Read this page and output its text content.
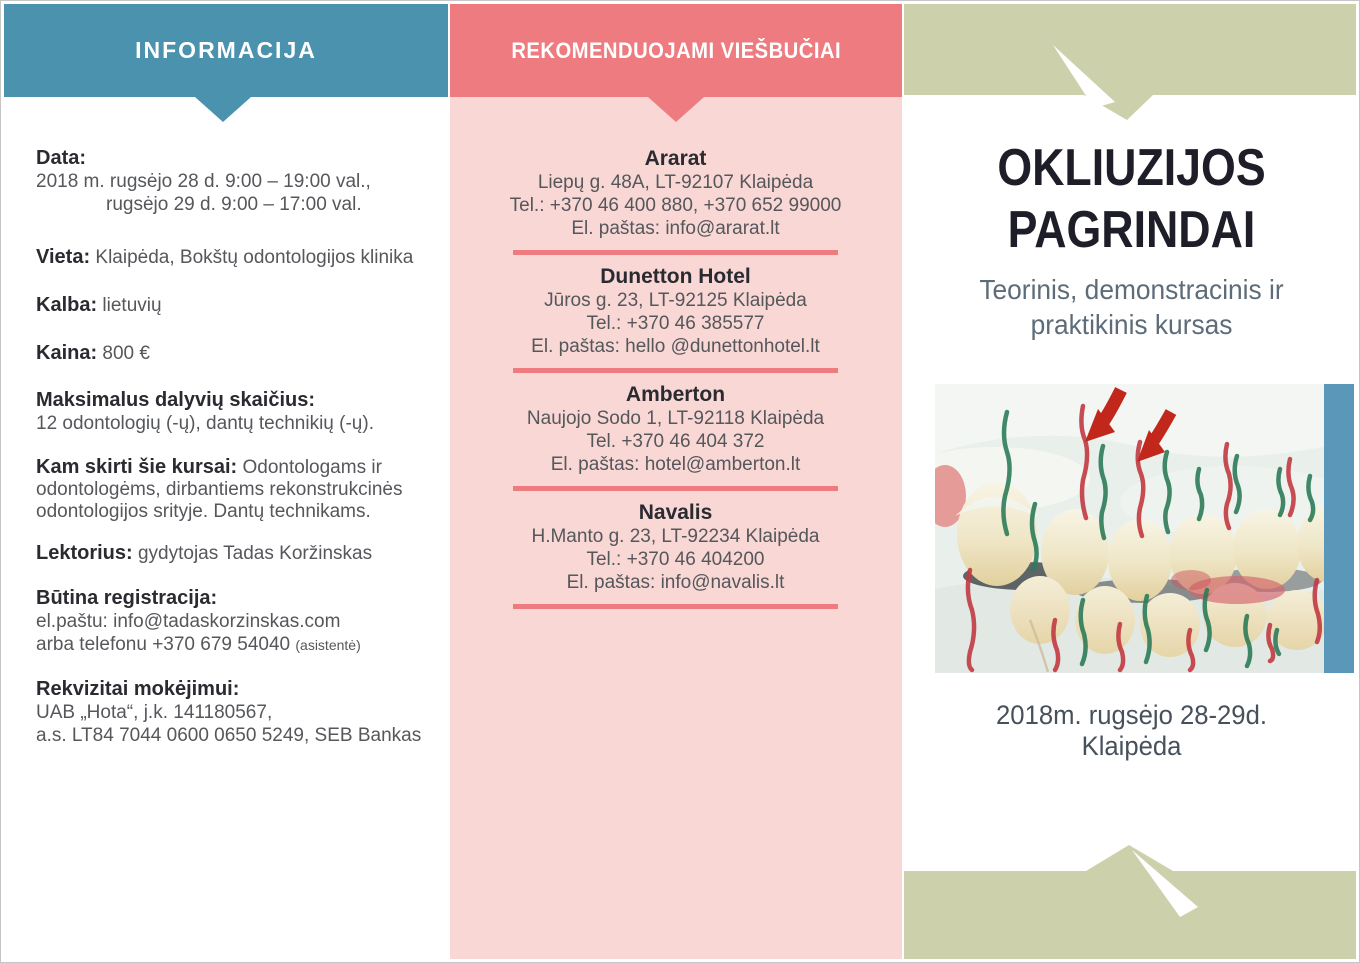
INFORMACIJA
Data:
2018 m. rugsėjo 28 d. 9:00 – 19:00 val.,
rugsėjo 29 d. 9:00 – 17:00 val.

Vieta: Klaipėda, Bokštų odontologijos klinika

Kalba: lietuvių

Kaina: 800 €

Maksimalus dalyvių skaičius:
12 odontologių (-ų), dantų technikių (-ų).

Kam skirti šie kursai: Odontologams ir odontologėms, dirbantiems rekonstrukcinės odontologijos srityje. Dantų technikams.

Lektorius: gydytojas Tadas Koržinskas

Būtina registracija:
el.paštu: info@tadaskorzinskas.com
arba telefonu +370 679 54040 (asistentė)
Rekvizitai mokėjimui:
UAB „Hota“, j.k. 141180567,
a.s. LT84 7044 0600 0650 5249, SEB Bankas
REKOMENDUOJAMI VIEŠBUČIAI
Ararat
Liepų g. 48A, LT-92107 Klaipėda
Tel.: +370 46 400 880, +370 652 99000
El. paštas: info@ararat.lt
Dunetton Hotel
Jūros g. 23, LT-92125 Klaipėda
Tel.: +370 46 385577
El. paštas: hello @dunettonhotel.lt
Amberton
Naujojo Sodo 1, LT-92118 Klaipėda
Tel. +370 46 404 372
El. paštas: hotel@amberton.lt
Navalis
H.Manto g. 23, LT-92234 Klaipėda
Tel.: +370 46 404200
El. paštas: info@navalis.lt
OKLIUZIJOS
PAGRINDAI
Teorinis, demonstracinis ir
praktikinis kursas
2018m. rugsėjo 28-29d.
Klaipėda
